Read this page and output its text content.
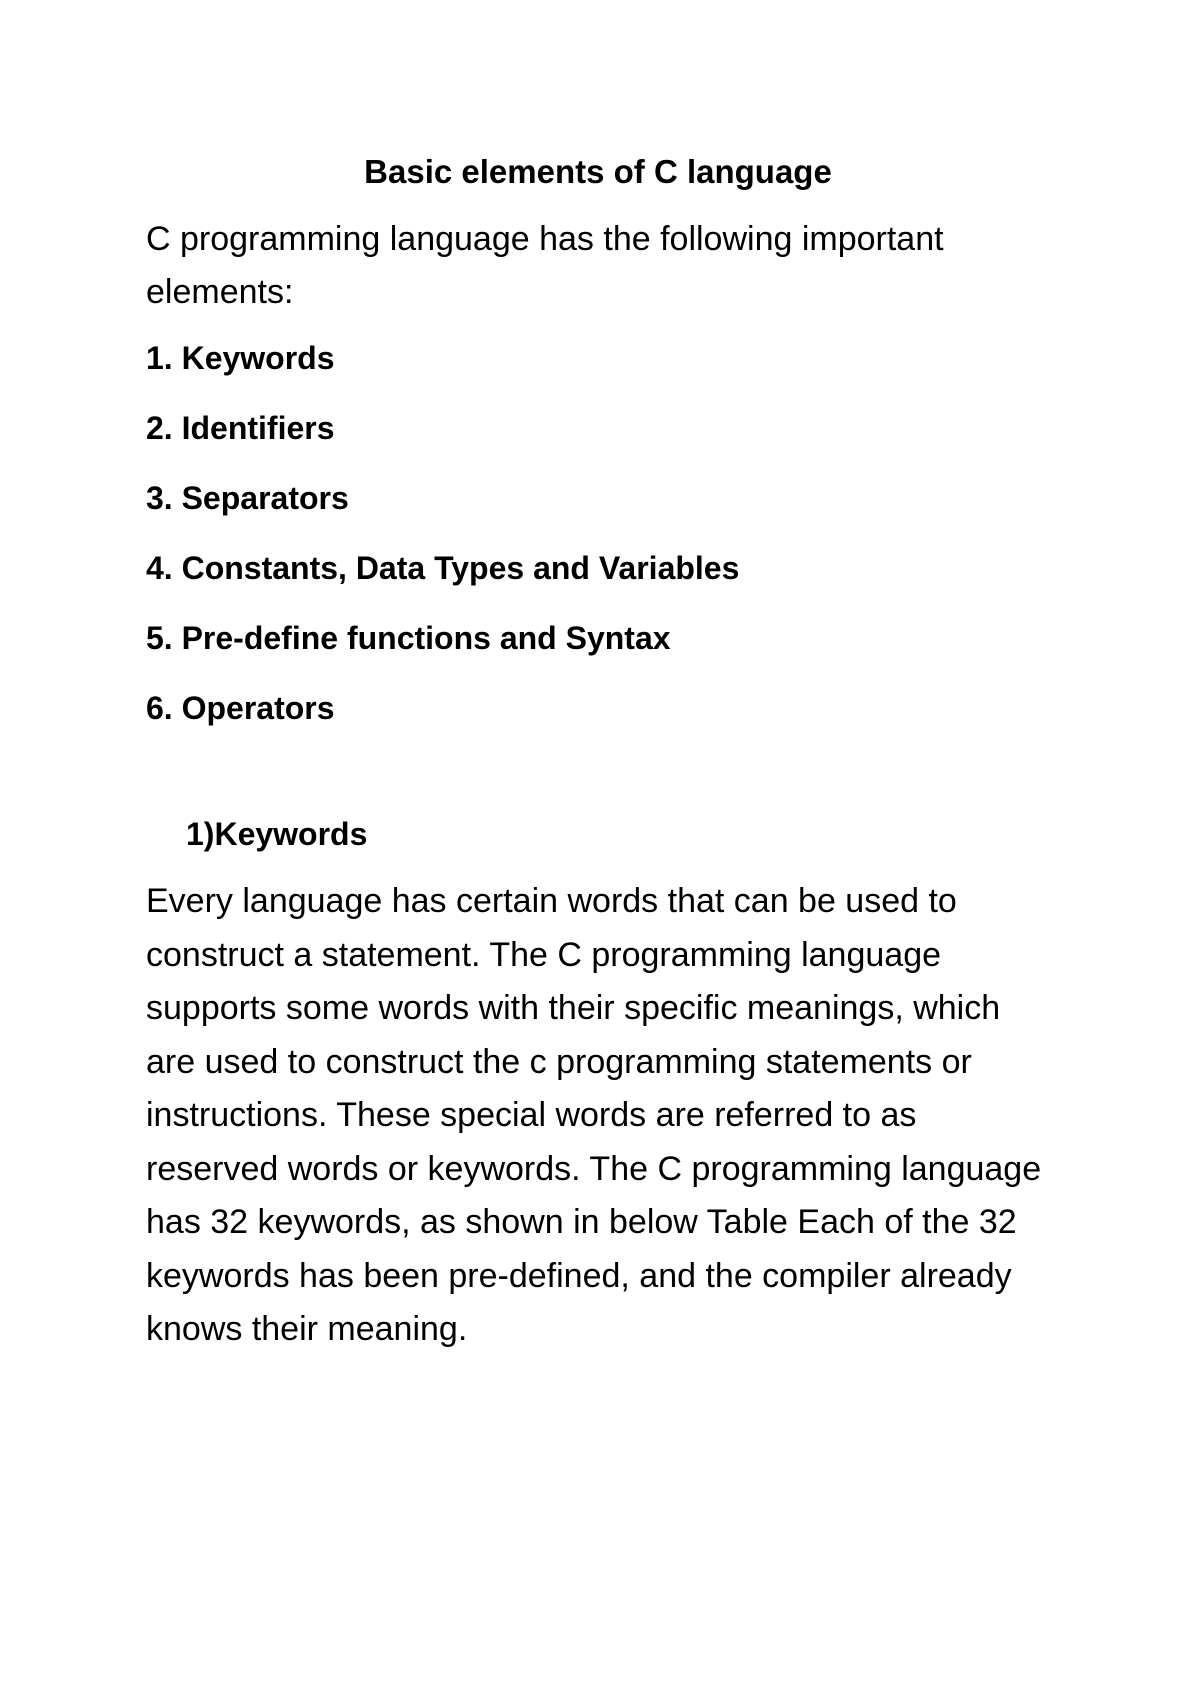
Basic elements of C language

C programming language has the following important elements:

1. Keywords
2. Identifiers
3. Separators
4. Constants, Data Types and Variables
5. Pre-define functions and Syntax
6. Operators
1)Keywords

Every language has certain words that can be used to construct a statement. The C programming language supports some words with their specific meanings, which are used to construct the c programming statements or instructions. These special words are referred to as reserved words or keywords. The C programming language has 32 keywords, as shown in below Table Each of the 32 keywords has been pre-defined, and the compiler already knows their meaning.
